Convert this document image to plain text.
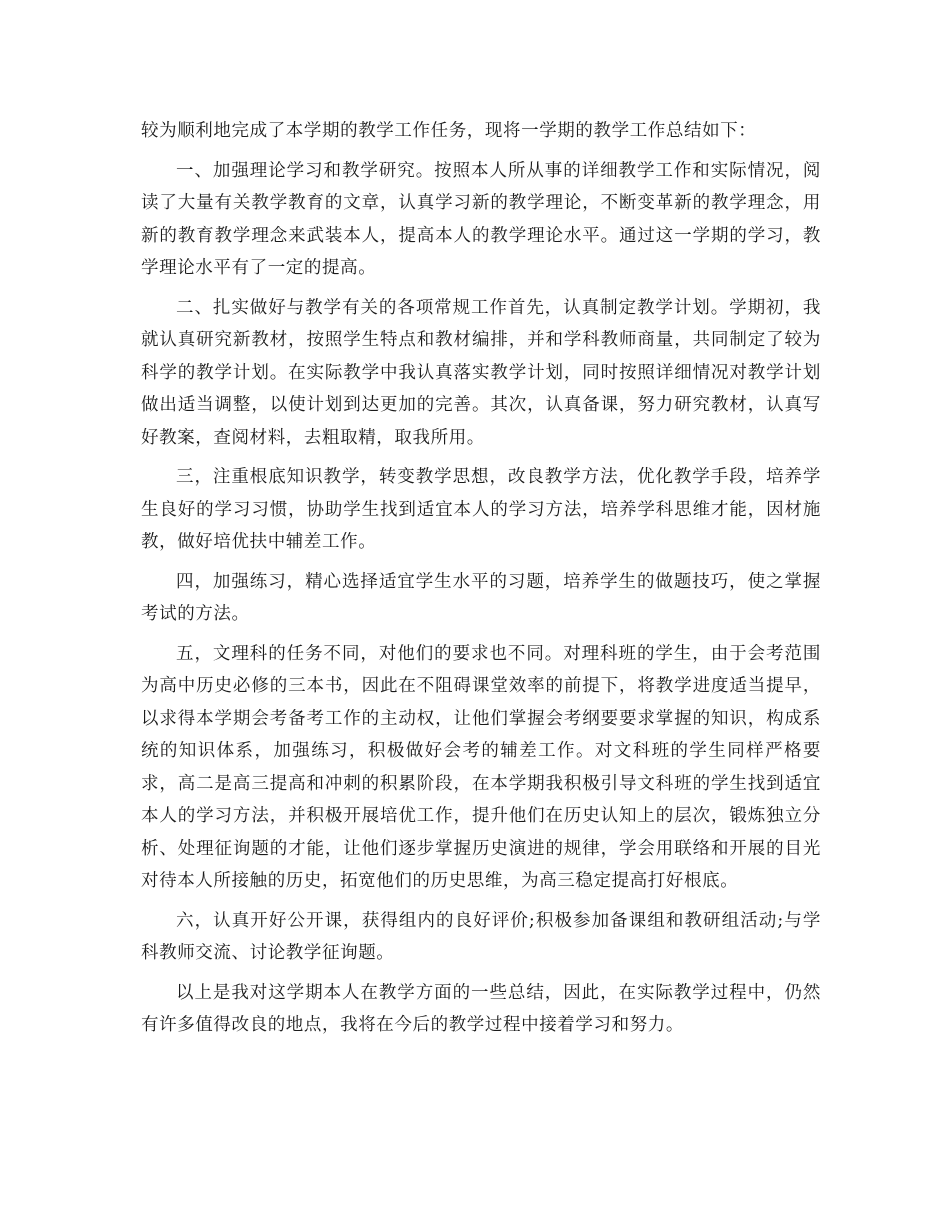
较为顺利地完成了本学期的教学工作任务，现将一学期的教学工作总结如下：

一、加强理论学习和教学研究。按照本人所从事的详细教学工作和实际情况，阅读了大量有关教学教育的文章，认真学习新的教学理论，不断变革新的教学理念，用新的教育教学理念来武装本人，提高本人的教学理论水平。通过这一学期的学习，教学理论水平有了一定的提高。

二、扎实做好与教学有关的各项常规工作首先，认真制定教学计划。学期初，我就认真研究新教材，按照学生特点和教材编排，并和学科教师商量，共同制定了较为科学的教学计划。在实际教学中我认真落实教学计划，同时按照详细情况对教学计划做出适当调整，以使计划到达更加的完善。其次，认真备课，努力研究教材，认真写好教案，查阅材料，去粗取精，取我所用。

三，注重根底知识教学，转变教学思想，改良教学方法，优化教学手段，培养学生良好的学习习惯，协助学生找到适宜本人的学习方法，培养学科思维才能，因材施教，做好培优扶中辅差工作。

四，加强练习，精心选择适宜学生水平的习题，培养学生的做题技巧，使之掌握考试的方法。

五，文理科的任务不同，对他们的要求也不同。对理科班的学生，由于会考范围为高中历史必修的三本书，因此在不阻碍课堂效率的前提下，将教学进度适当提早，以求得本学期会考备考工作的主动权，让他们掌握会考纲要要求掌握的知识，构成系统的知识体系，加强练习，积极做好会考的辅差工作。对文科班的学生同样严格要求，高二是高三提高和冲刺的积累阶段，在本学期我积极引导文科班的学生找到适宜本人的学习方法，并积极开展培优工作，提升他们在历史认知上的层次，锻炼独立分析、处理征询题的才能，让他们逐步掌握历史演进的规律，学会用联络和开展的目光对待本人所接触的历史，拓宽他们的历史思维，为高三稳定提高打好根底。

六，认真开好公开课，获得组内的良好评价;积极参加备课组和教研组活动;与学科教师交流、讨论教学征询题。

以上是我对这学期本人在教学方面的一些总结，因此，在实际教学过程中，仍然有许多值得改良的地点，我将在今后的教学过程中接着学习和努力。
